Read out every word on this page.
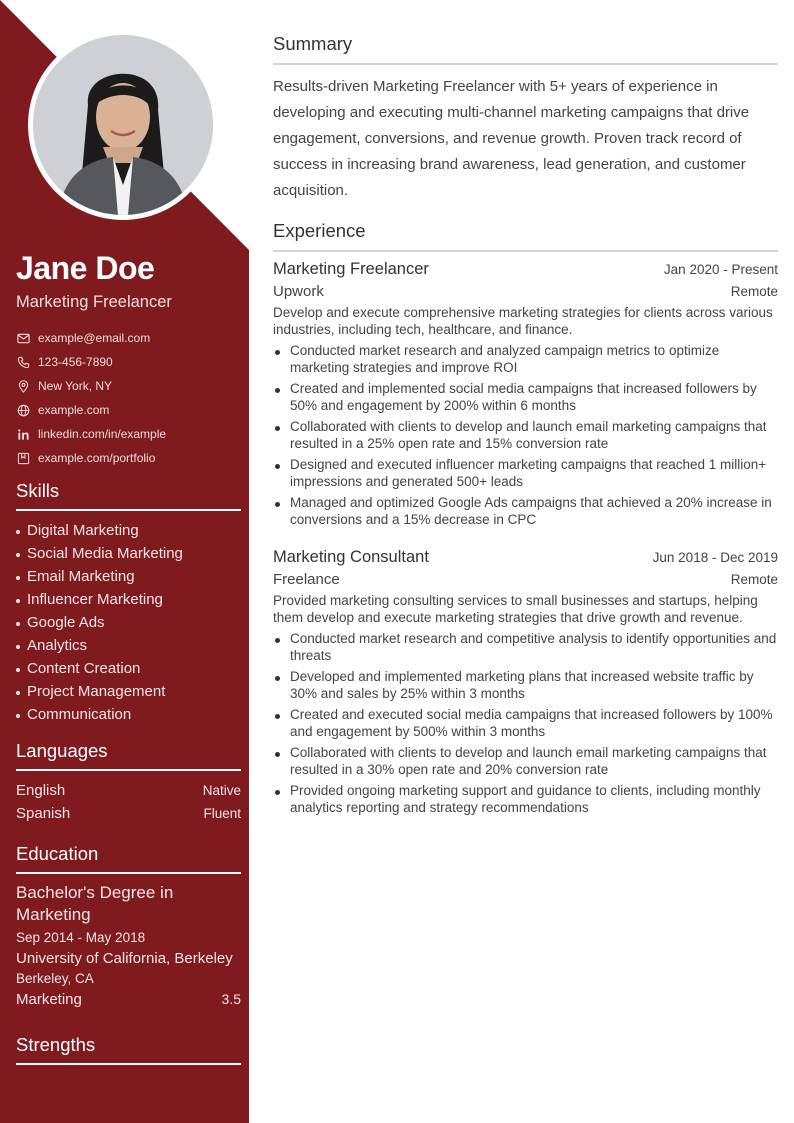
Jane Doe
Marketing Freelancer
example@email.com
123-456-7890
New York, NY
example.com
linkedin.com/in/example
example.com/portfolio
Skills
Digital Marketing
Social Media Marketing
Email Marketing
Influencer Marketing
Google Ads
Analytics
Content Creation
Project Management
Communication
Languages
English	Native
Spanish	Fluent
Education
Bachelor's Degree in Marketing
Sep 2014 - May 2018
University of California, Berkeley
Berkeley, CA
Marketing	3.5
Strengths
Summary

Results-driven Marketing Freelancer with 5+ years of experience in developing and executing multi-channel marketing campaigns that drive engagement, conversions, and revenue growth. Proven track record of success in increasing brand awareness, lead generation, and customer acquisition.

Experience
Marketing Freelancer	Jan 2020 - Present
Upwork	Remote

Develop and execute comprehensive marketing strategies for clients across various industries, including tech, healthcare, and finance.

Conducted market research and analyzed campaign metrics to optimize marketing strategies and improve ROI
Created and implemented social media campaigns that increased followers by 50% and engagement by 200% within 6 months
Collaborated with clients to develop and launch email marketing campaigns that resulted in a 25% open rate and 15% conversion rate
Designed and executed influencer marketing campaigns that reached 1 million+ impressions and generated 500+ leads
Managed and optimized Google Ads campaigns that achieved a 20% increase in conversions and a 15% decrease in CPC
Marketing Consultant	Jun 2018 - Dec 2019
Freelance	Remote

Provided marketing consulting services to small businesses and startups, helping them develop and execute marketing strategies that drive growth and revenue.

Conducted market research and competitive analysis to identify opportunities and threats
Developed and implemented marketing plans that increased website traffic by 30% and sales by 25% within 3 months
Created and executed social media campaigns that increased followers by 100% and engagement by 500% within 3 months
Collaborated with clients to develop and launch email marketing campaigns that resulted in a 30% open rate and 20% conversion rate
Provided ongoing marketing support and guidance to clients, including monthly analytics reporting and strategy recommendations
